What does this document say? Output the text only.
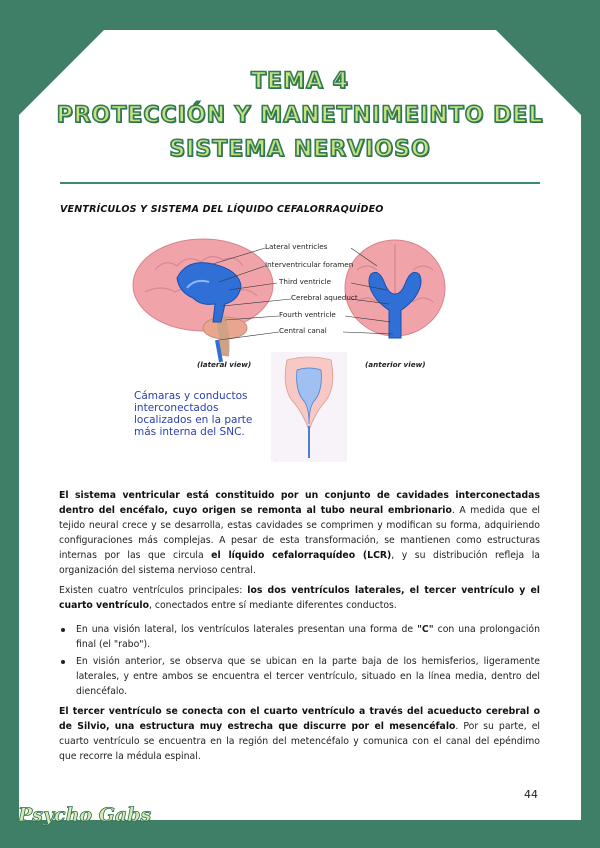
TEMA 4
PROTECCIÓN Y MANETNIMEINTO DEL
SISTEMA NERVIOSO
VENTRÍCULOS Y SISTEMA DEL LÍQUIDO CEFALORRAQUÍDEO
.
Lateral ventricles
Interventricular foramen
Third ventricle
Cerebral aqueduct
Fourth ventricle
Central canal
(lateral view)	(anterior view)
Cámaras y conductos
interconectados
localizados en la parte
más interna del SNC.
El sistema ventricular está constituido por un conjunto de cavidades interconectadas dentro del encéfalo, cuyo origen se remonta al tubo neural embrionario. A medida que el tejido neural crece y se desarrolla, estas cavidades se comprimen y modifican su forma, adquiriendo configuraciones más complejas. A pesar de esta transformación, se mantienen como estructuras internas por las que circula el líquido cefalorraquídeo (LCR), y su distribución refleja la organización del sistema nervioso central.
Existen cuatro ventrículos principales: los dos ventrículos laterales, el tercer ventrículo y el cuarto ventrículo, conectados entre sí mediante diferentes conductos.
En una visión lateral, los ventrículos laterales presentan una forma de "C" con una prolongación final (el "rabo").
En visión anterior, se observa que se ubican en la parte baja de los hemisferios, ligeramente laterales, y entre ambos se encuentra el tercer ventrículo, situado en la línea media, dentro del diencéfalo.
El tercer ventrículo se conecta con el cuarto ventrículo a través del acueducto cerebral o de Silvio, una estructura muy estrecha que discurre por el mesencéfalo. Por su parte, el cuarto ventrículo se encuentra en la región del metencéfalo y comunica con el canal del epéndimo que recorre la médula espinal.
44
Psycho Gabs
